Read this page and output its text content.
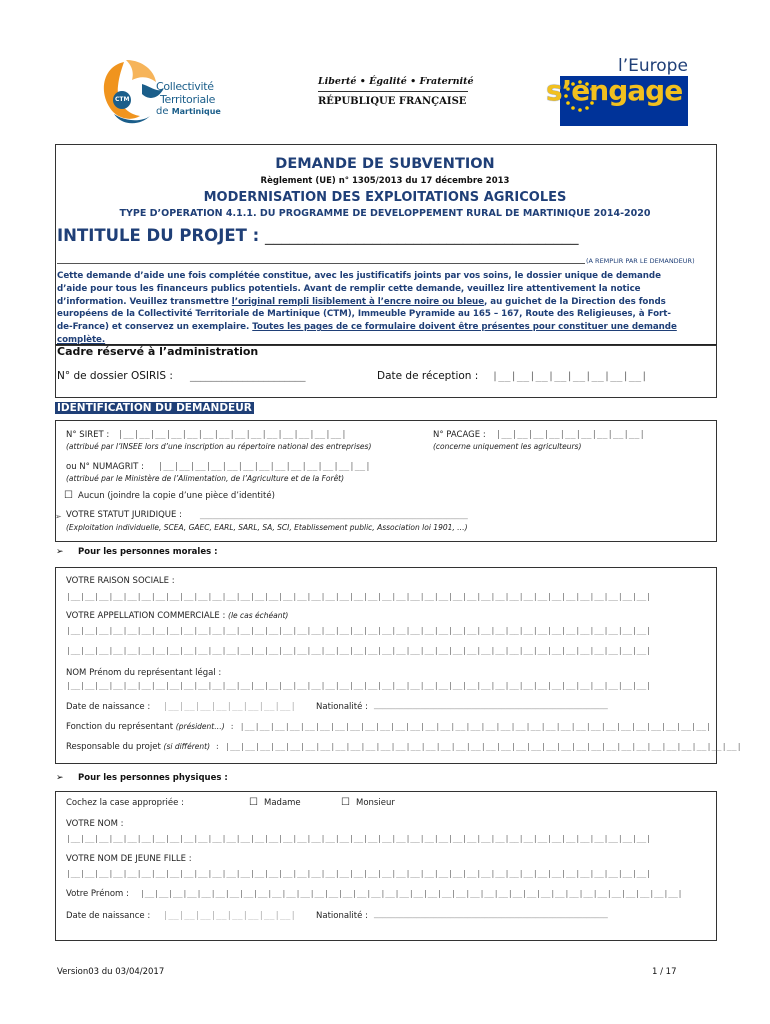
CTM
Collectivité
Territoriale
de Martinique
Liberté • Égalité • Fraternité
RÉPUBLIQUE FRANÇAISE
l’Europe
s’engage
DEMANDE DE SUBVENTION
Règlement (UE) n° 1305/2013 du 17 décembre 2013
MODERNISATION DES EXPLOITATIONS AGRICOLES
TYPE D’OPERATION 4.1.1. DU PROGRAMME DE DEVELOPPEMENT RURAL DE MARTINIQUE 2014-2020
INTITULE DU PROJET : ______________________________________
(A REMPLIR PAR LE DEMANDEUR)
Cette demande d’aide une fois complétée constitue, avec les justificatifs joints par vos soins, le dossier unique de demande
d’aide pour tous les financeurs publics potentiels. Avant de remplir cette demande, veuillez lire attentivement la notice
d’information. Veuillez transmettre l’original rempli lisiblement à l’encre noire ou bleue, au guichet de la Direction des fonds
européens de la Collectivité Territoriale de Martinique (CTM), Immeuble Pyramide au 165 – 167, Route des Religieuses, à Fort-
de-France) et conservez un exemplaire. Toutes les pages de ce formulaire doivent être présentes pour constituer une demande
complète.
Cadre réservé à l’administration
N° de dossier OSIRIS : ______________________	Date de réception : |__|__|__|__|__|__|__|__|
IDENTIFICATION DU DEMANDEUR
N° SIRET : |__|__|__|__|__|__|__|__|__|__|__|__|__|__|
(attribué par l’INSEE lors d’une inscription au répertoire national des entreprises)
N° PACAGE : |__|__|__|__|__|__|__|__|__|
(concerne uniquement les agriculteurs)
ou N° NUMAGRIT : |__|__|__|__|__|__|__|__|__|__|__|__|__|
(attribué par le Ministère de l’Alimentation, de l’Agriculture et de la Forêt)
☐ Aucun (joindre la copie d’une pièce d’identité)
➢ VOTRE STATUT JURIDIQUE : _______________________________________________________________
(Exploitation individuelle, SCEA, GAEC, EARL, SARL, SA, SCI, Etablissement public, Association loi 1901, …)
➢ Pour les personnes morales :
VOTRE RAISON SOCIALE :
|__|__|__|__|__|__|__|__|__|__|__|__|__|__|__|__|__|__|__|__|__|__|__|__|__|__|__|__|__|__|__|__|__|__|__|__|__|__|__|__|__|
VOTRE APPELLATION COMMERCIALE : (le cas échéant)
|__|__|__|__|__|__|__|__|__|__|__|__|__|__|__|__|__|__|__|__|__|__|__|__|__|__|__|__|__|__|__|__|__|__|__|__|__|__|__|__|__|
|__|__|__|__|__|__|__|__|__|__|__|__|__|__|__|__|__|__|__|__|__|__|__|__|__|__|__|__|__|__|__|__|__|__|__|__|__|__|__|__|__|
NOM Prénom du représentant légal :
|__|__|__|__|__|__|__|__|__|__|__|__|__|__|__|__|__|__|__|__|__|__|__|__|__|__|__|__|__|__|__|__|__|__|__|__|__|__|__|__|__|
Date de naissance : |__|__|__|__|__|__|__|__| Nationalité : _______________________________________________________
Fonction du représentant (président…) : |__|__|__|__|__|__|__|__|__|__|__|__|__|__|__|__|__|__|__|__|__|__|__|__|__|__|__|__|__|__|__|
Responsable du projet (si différent) : |__|__|__|__|__|__|__|__|__|__|__|__|__|__|__|__|__|__|__|__|__|__|__|__|__|__|__|__|__|__|__|__|__|__|
➢ Pour les personnes physiques :
Cochez la case appropriée :	☐ Madame	☐ Monsieur
VOTRE NOM :
|__|__|__|__|__|__|__|__|__|__|__|__|__|__|__|__|__|__|__|__|__|__|__|__|__|__|__|__|__|__|__|__|__|__|__|__|__|__|__|__|__|
VOTRE NOM DE JEUNE FILLE :
|__|__|__|__|__|__|__|__|__|__|__|__|__|__|__|__|__|__|__|__|__|__|__|__|__|__|__|__|__|__|__|__|__|__|__|__|__|__|__|__|__|
Votre Prénom : |__|__|__|__|__|__|__|__|__|__|__|__|__|__|__|__|__|__|__|__|__|__|__|__|__|__|__|__|__|__|__|__|__|__|__|__|__|__|
Date de naissance : |__|__|__|__|__|__|__|__| Nationalité : _______________________________________________________
Version03 du 03/04/2017	1 / 17
